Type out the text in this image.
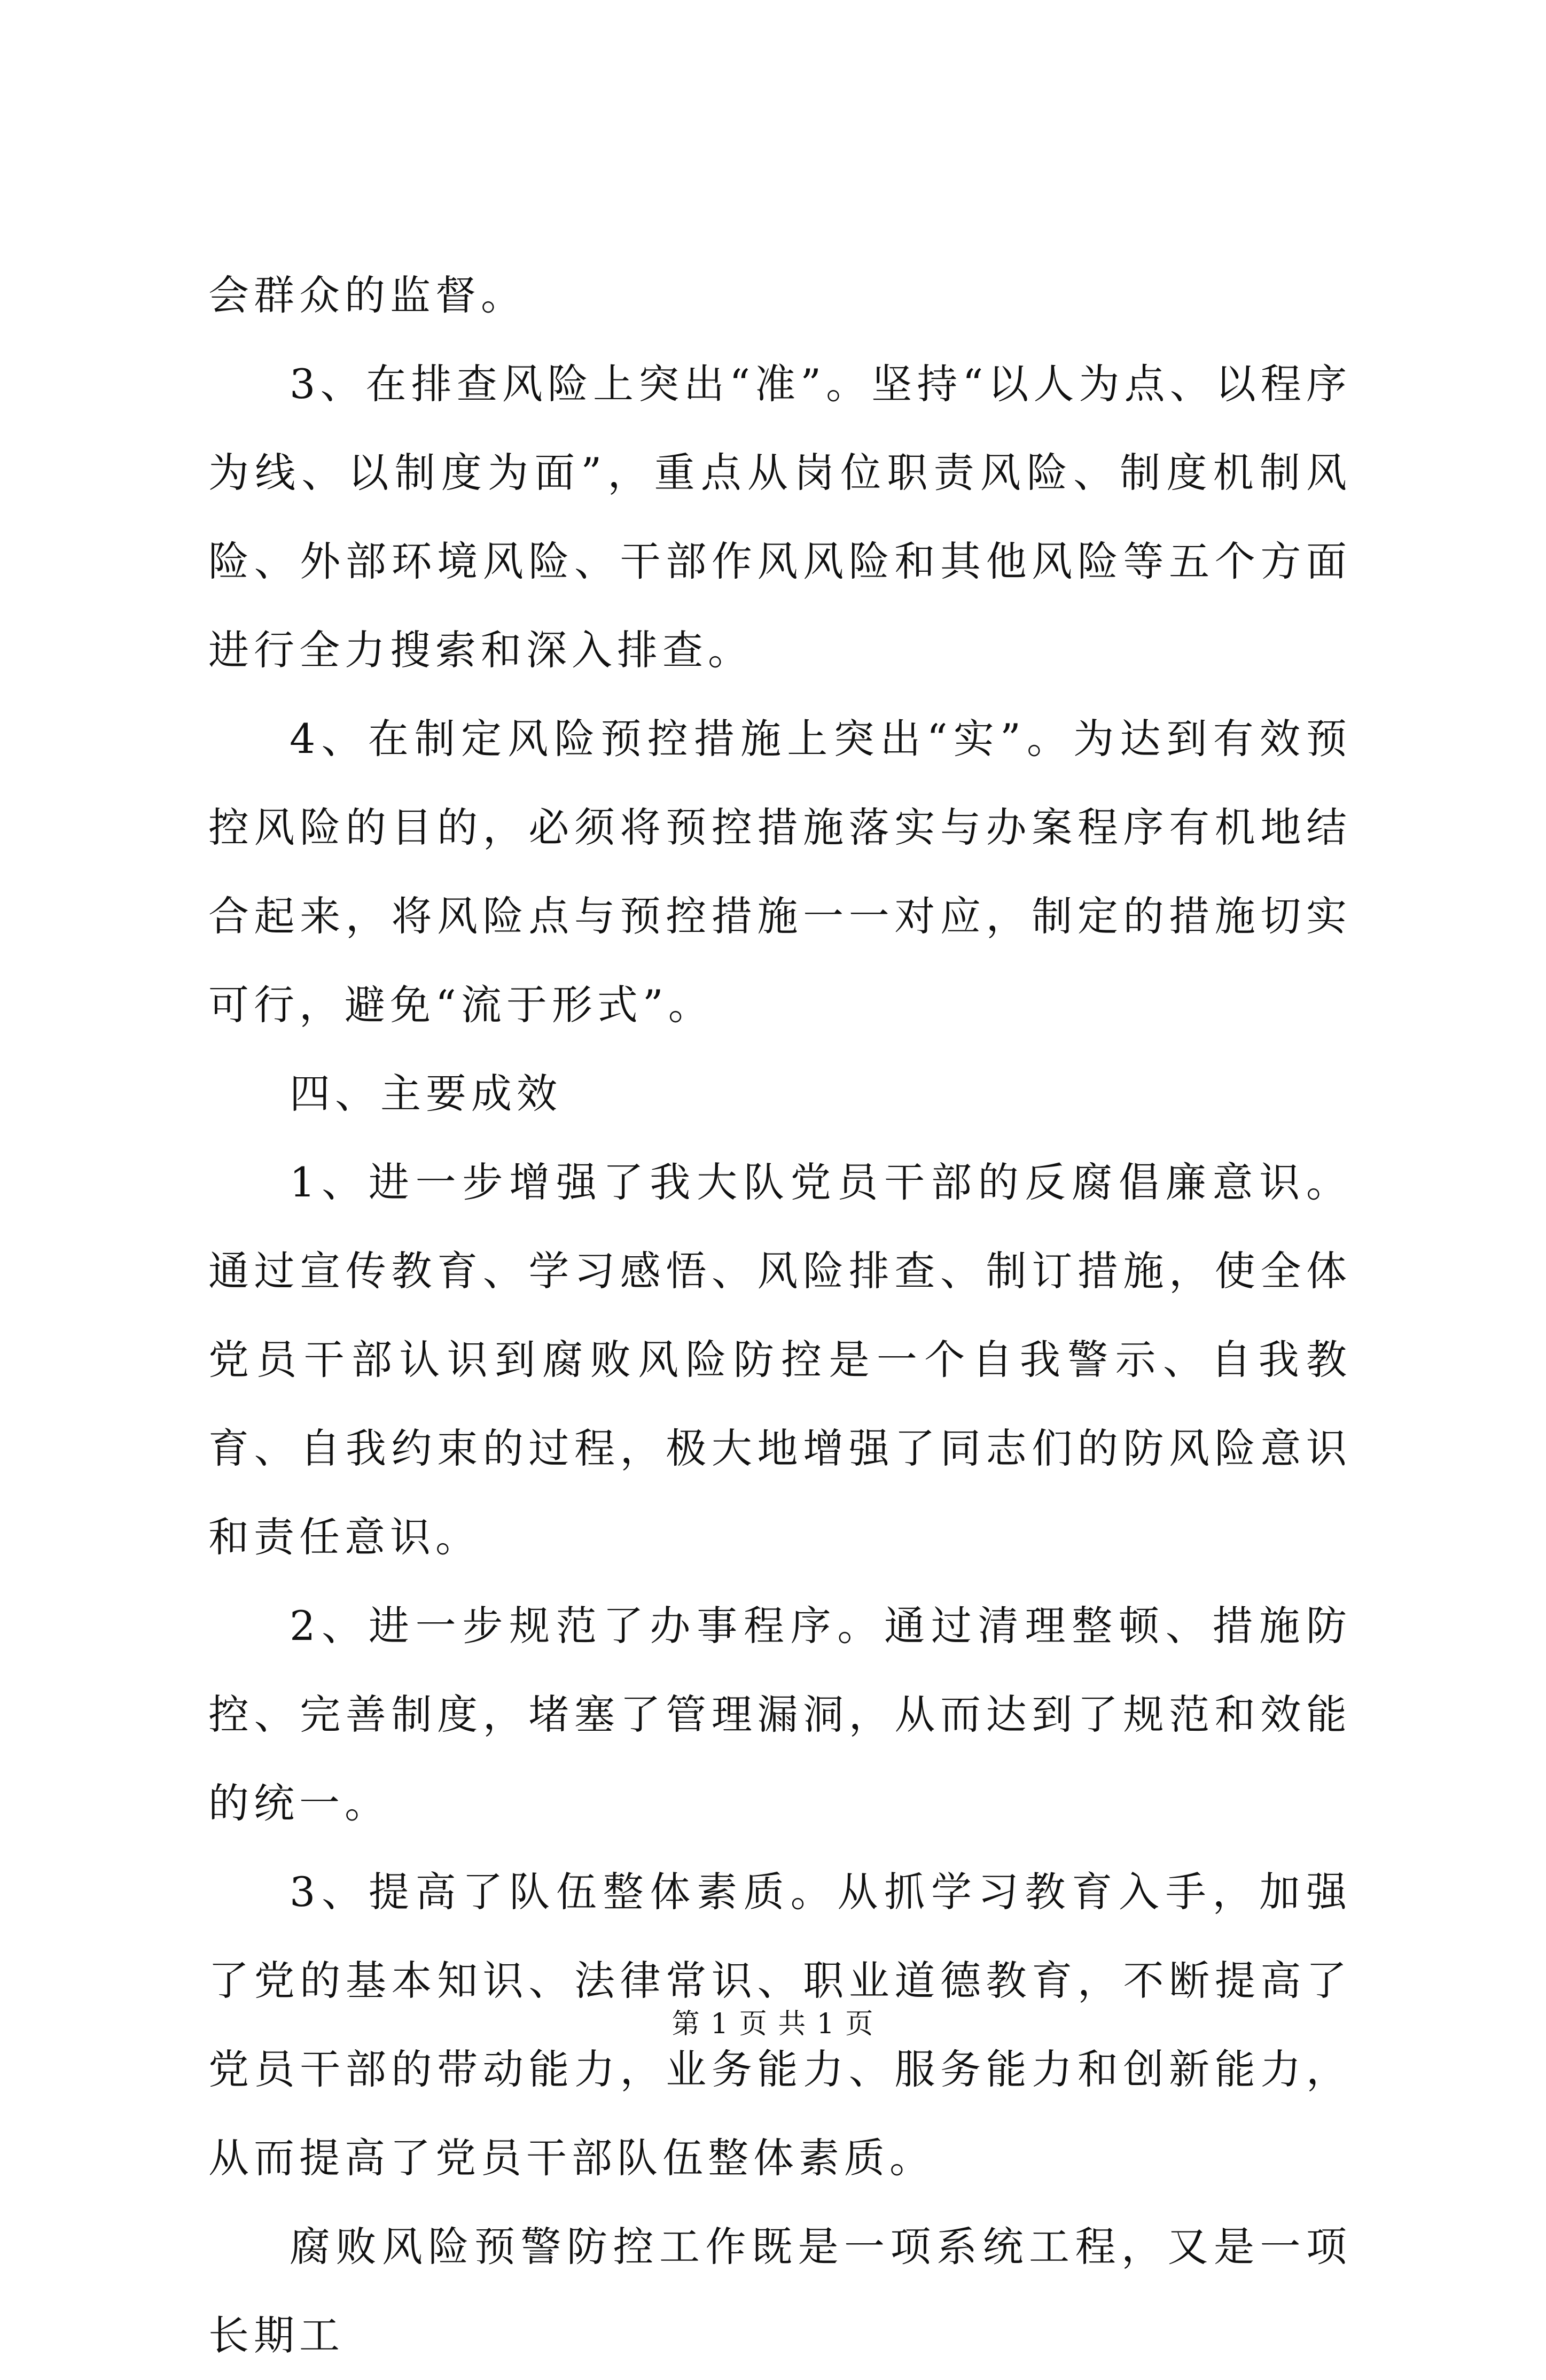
会群众的监督。

3、在排查风险上突出“准”。坚持“以人为点、以程序为线、以制度为面”，重点从岗位职责风险、制度机制风险、外部环境风险、干部作风风险和其他风险等五个方面进行全力搜索和深入排查。

4、在制定风险预控措施上突出“实”。为达到有效预控风险的目的，必须将预控措施落实与办案程序有机地结合起来，将风险点与预控措施一一对应，制定的措施切实可行，避免“流于形式”。

四、主要成效

1、进一步增强了我大队党员干部的反腐倡廉意识。通过宣传教育、学习感悟、风险排查、制订措施，使全体党员干部认识到腐败风险防控是一个自我警示、自我教育、自我约束的过程，极大地增强了同志们的防风险意识和责任意识。

2、进一步规范了办事程序。通过清理整顿、措施防控、完善制度，堵塞了管理漏洞，从而达到了规范和效能的统一。

3、提高了队伍整体素质。从抓学习教育入手，加强了党的基本知识、法律常识、职业道德教育，不断提高了党员干部的带动能力，业务能力、服务能力和创新能力，从而提高了党员干部队伍整体素质。

腐败风险预警防控工作既是一项系统工程，又是一项长期工

第 1 页 共 1 页
